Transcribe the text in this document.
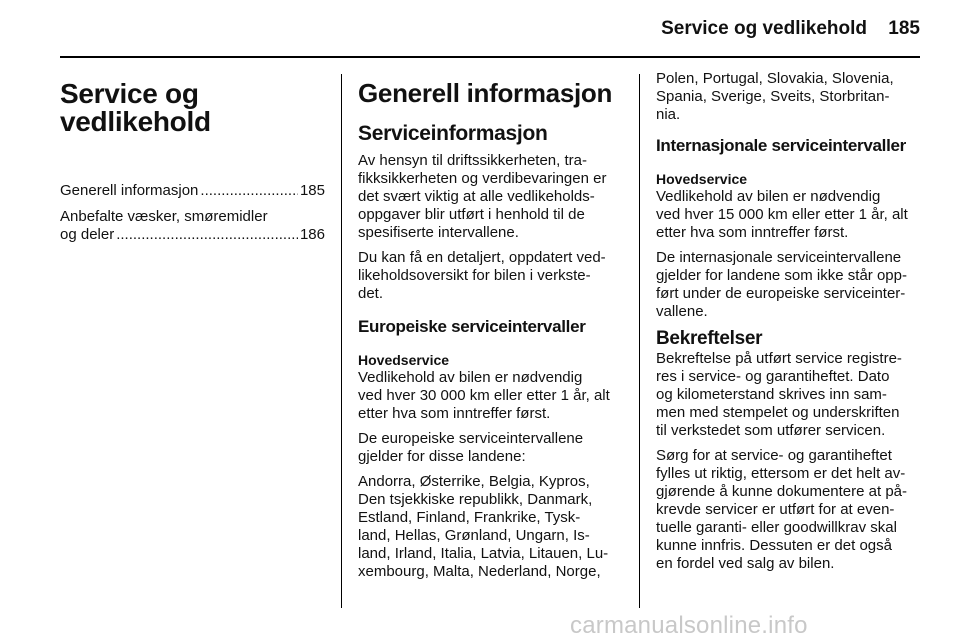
Service og vedlikehold 185
Service og
vedlikehold
Generell informasjon .....	185
Anbefalte væsker, smøremidler
og deler .....	186
Generell informasjon
Serviceinformasjon
Av hensyn til driftssikkerheten, tra-
fikksikkerheten og verdibevaringen er
det svært viktig at alle vedlikeholds-
oppgaver blir utført i henhold til de
spesifiserte intervallene.
Du kan få en detaljert, oppdatert ved-
likeholdsoversikt for bilen i verkste-
det.
Europeiske serviceintervaller
Hovedservice
Vedlikehold av bilen er nødvendig
ved hver 30 000 km eller etter 1 år, alt
etter hva som inntreffer først.
De europeiske serviceintervallene
gjelder for disse landene:
Andorra, Østerrike, Belgia, Kypros,
Den tsjekkiske republikk, Danmark,
Estland, Finland, Frankrike, Tysk-
land, Hellas, Grønland, Ungarn, Is-
land, Irland, Italia, Latvia, Litauen, Lu-
xembourg, Malta, Nederland, Norge,
Polen, Portugal, Slovakia, Slovenia,
Spania, Sverige, Sveits, Storbritan-
nia.
Internasjonale serviceintervaller
Hovedservice
Vedlikehold av bilen er nødvendig
ved hver 15 000 km eller etter 1 år, alt
etter hva som inntreffer først.
De internasjonale serviceintervallene
gjelder for landene som ikke står opp-
ført under de europeiske serviceinter-
vallene.
Bekreftelser
Bekreftelse på utført service registre-
res i service- og garantiheftet. Dato
og kilometerstand skrives inn sam-
men med stempelet og underskriften
til verkstedet som utfører servicen.
Sørg for at service- og garantiheftet
fylles ut riktig, ettersom er det helt av-
gjørende å kunne dokumentere at på-
krevde servicer er utført for at even-
tuelle garanti- eller goodwillkrav skal
kunne innfris. Dessuten er det også
en fordel ved salg av bilen.
carmanualsonline.info
